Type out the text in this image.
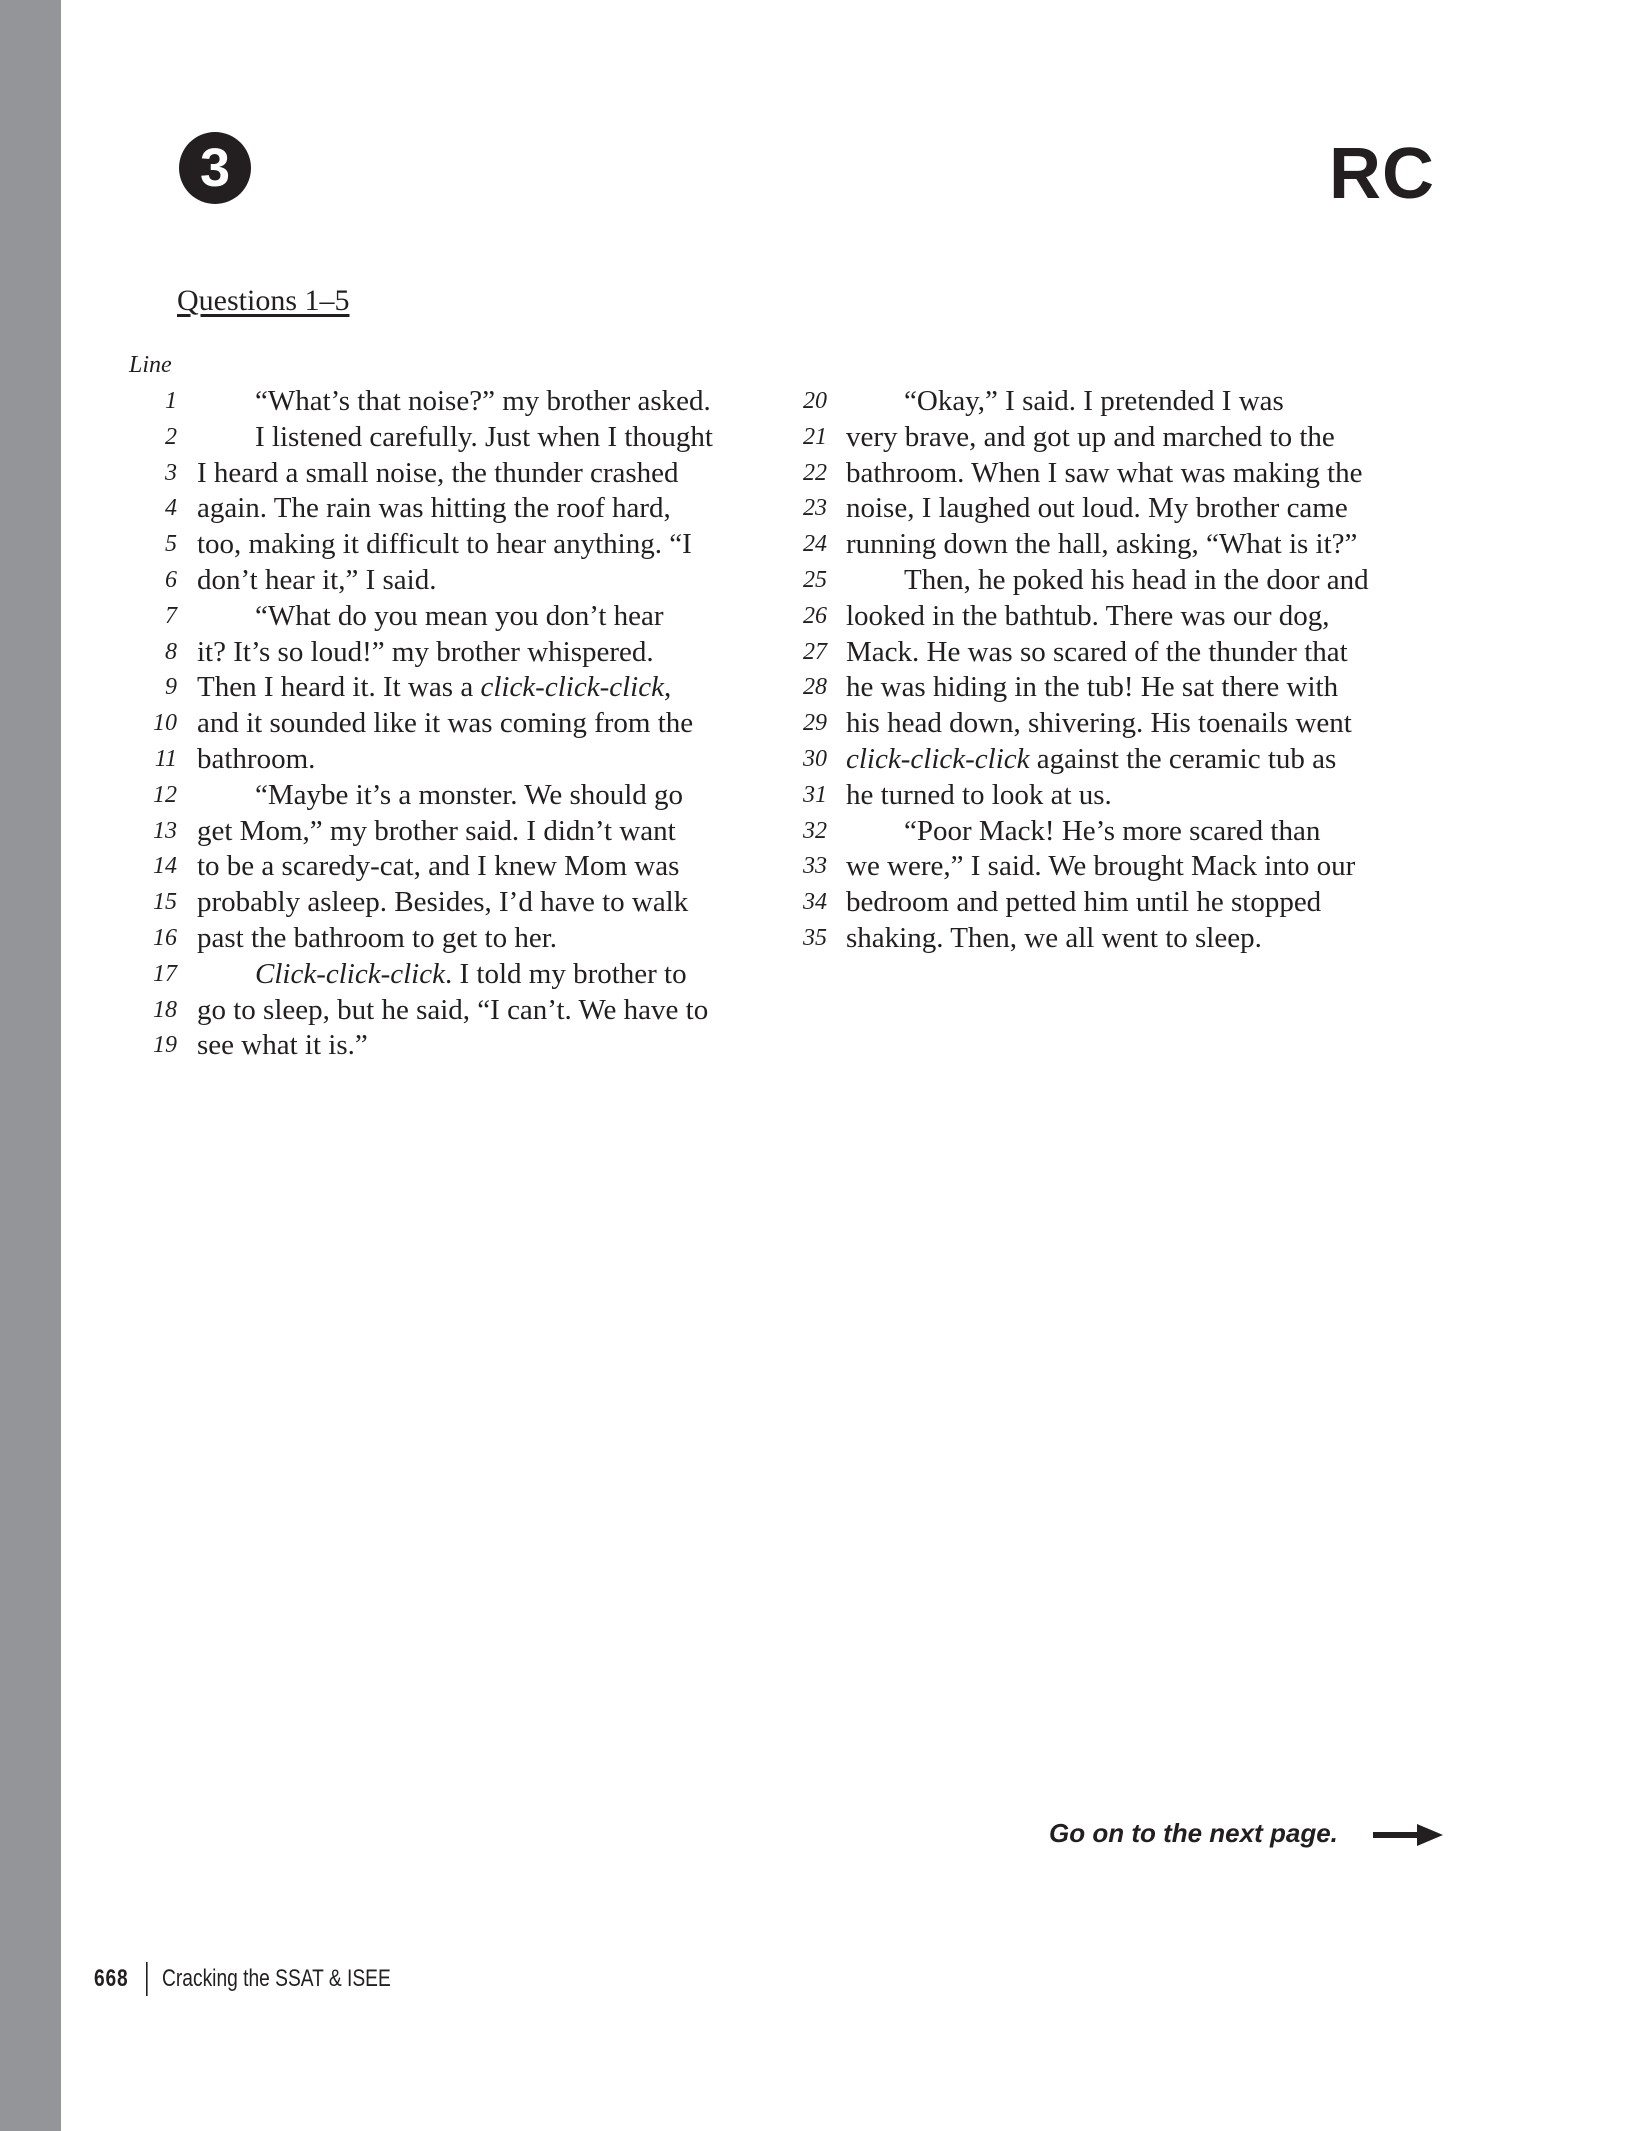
3	RC
Questions 1–5
Line
1	“What’s that noise?” my brother asked.
2	I listened carefully. Just when I thought
3 I heard a small noise, the thunder crashed
4 again. The rain was hitting the roof hard,
5 too, making it difficult to hear anything. “I
6 don’t hear it,” I said.
7	“What do you mean you don’t hear
8 it? It’s so loud!” my brother whispered.
9 Then I heard it. It was a click-click-click,
10 and it sounded like it was coming from the
11 bathroom.
12	“Maybe it’s a monster. We should go
13 get Mom,” my brother said. I didn’t want
14 to be a scaredy-cat, and I knew Mom was
15 probably asleep. Besides, I’d have to walk
16 past the bathroom to get to her.
17	Click-click-click. I told my brother to
18 go to sleep, but he said, “I can’t. We have to
19 see what it is.”
20	“Okay,” I said. I pretended I was
21 very brave, and got up and marched to the
22 bathroom. When I saw what was making the
23 noise, I laughed out loud. My brother came
24 running down the hall, asking, “What is it?”
25	Then, he poked his head in the door and
26 looked in the bathtub. There was our dog,
27 Mack. He was so scared of the thunder that
28 he was hiding in the tub! He sat there with
29 his head down, shivering. His toenails went
30 click-click-click against the ceramic tub as
31 he turned to look at us.
32	“Poor Mack! He’s more scared than
33 we were,” I said. We brought Mack into our
34 bedroom and petted him until he stopped
35 shaking. Then, we all went to sleep.
Go on to the next page.
668 Cracking the SSAT & ISEE
